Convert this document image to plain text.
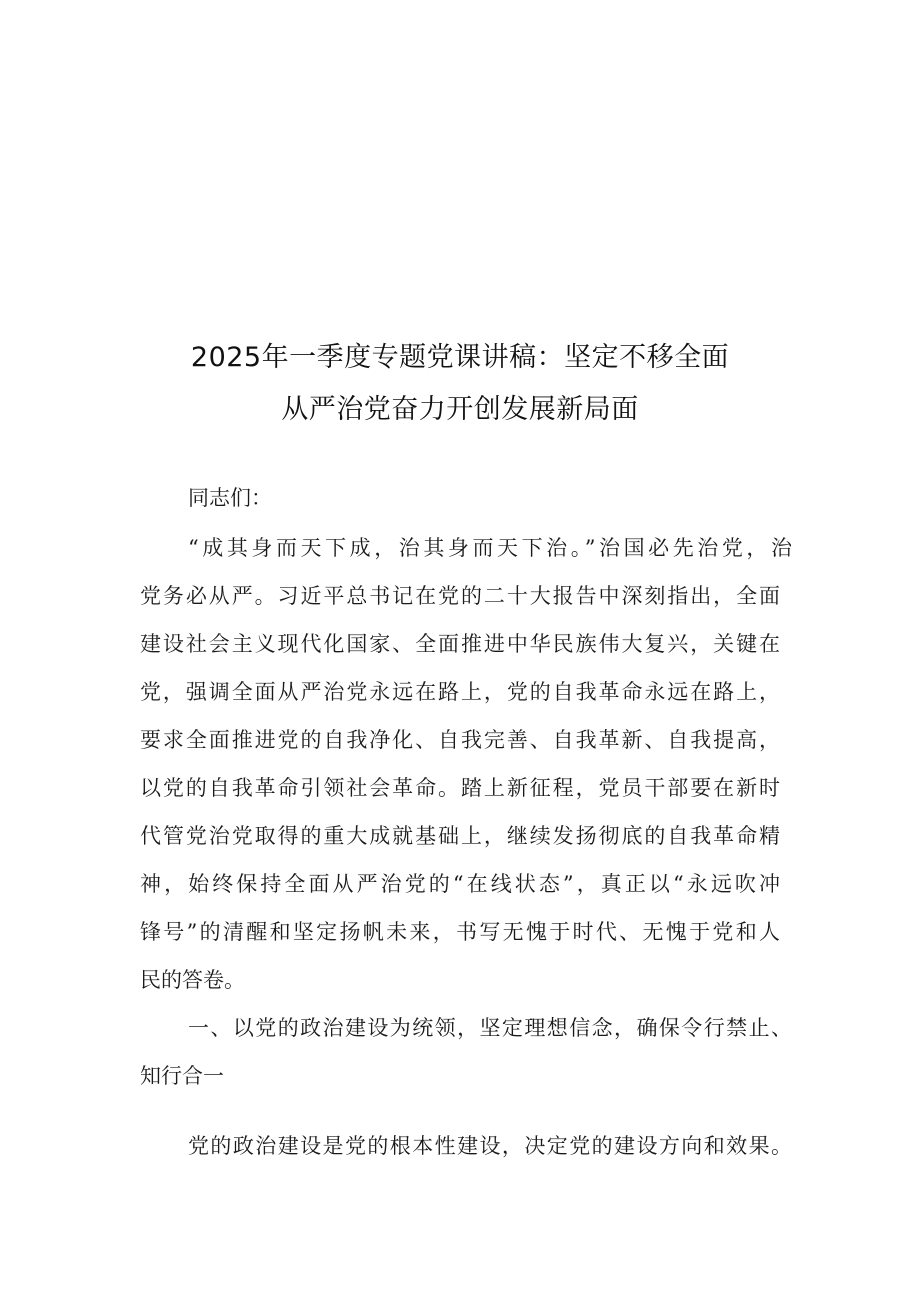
2025年一季度专题党课讲稿：坚定不移全面
从严治党奋力开创发展新局面
同志们：
“成其身而天下成，治其身而天下治。”治国必先治党，治
党务必从严。习近平总书记在党的二十大报告中深刻指出，全面
建设社会主义现代化国家、全面推进中华民族伟大复兴，关键在
党，强调全面从严治党永远在路上，党的自我革命永远在路上，
要求全面推进党的自我净化、自我完善、自我革新、自我提高，
以党的自我革命引领社会革命。踏上新征程，党员干部要在新时
代管党治党取得的重大成就基础上，继续发扬彻底的自我革命精
神，始终保持全面从严治党的“在线状态”，真正以“永远吹冲
锋号”的清醒和坚定扬帆未来，书写无愧于时代、无愧于党和人
民的答卷。
一、以党的政治建设为统领，坚定理想信念，确保令行禁止、
知行合一
党的政治建设是党的根本性建设，决定党的建设方向和效果。
